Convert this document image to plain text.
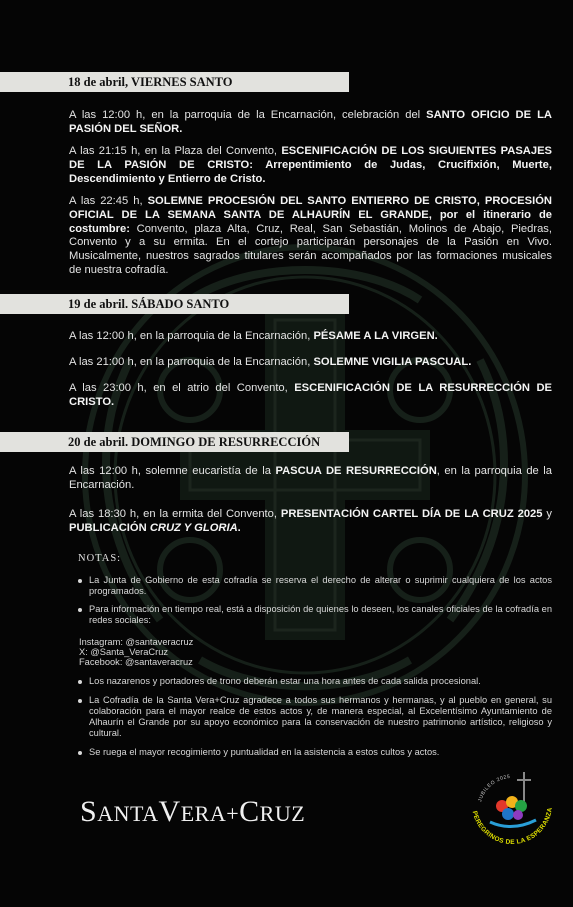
18 de abril, VIERNES SANTO
A las 12:00 h, en la parroquia de la Encarnación, celebración del SANTO OFICIO DE LA PASIÓN DEL SEÑOR.
A las 21:15 h, en la Plaza del Convento, ESCENIFICACIÓN DE LOS SIGUIENTES PASAJES DE LA PASIÓN DE CRISTO: Arrepentimiento de Judas, Crucifixión, Muerte, Descendimiento y Entierro de Cristo.
A las 22:45 h, SOLEMNE PROCESIÓN DEL SANTO ENTIERRO DE CRISTO, PROCESIÓN OFICIAL DE LA SEMANA SANTA DE ALHAURÍN EL GRANDE, por el itinerario de costumbre: Convento, plaza Alta, Cruz, Real, San Sebastián, Molinos de Abajo, Piedras, Convento y a su ermita. En el cortejo participarán personajes de la Pasión en Vivo. Musicalmente, nuestros sagrados titulares serán acompañados por las formaciones musicales de nuestra cofradía.
19 de abril. SÁBADO SANTO
A las 12:00 h, en la parroquia de la Encarnación, PÉSAME A LA VIRGEN.
A las 21:00 h, en la parroquia de la Encarnación, SOLEMNE VIGILIA PASCUAL.
A las 23:00 h, en el atrio del Convento, ESCENIFICACIÓN DE LA RESURRECCIÓN DE CRISTO.
20 de abril. DOMINGO DE RESURRECCIÓN
A las 12:00 h, solemne eucaristía de la PASCUA DE RESURRECCIÓN, en la parroquia de la Encarnación.
A las 18:30 h, en la ermita del Convento, PRESENTACIÓN CARTEL DÍA DE LA CRUZ 2025 y PUBLICACIÓN CRUZ Y GLORIA.
NOTAS:
La Junta de Gobierno de esta cofradía se reserva el derecho de alterar o suprimir cualquiera de los actos programados.
Para información en tiempo real, está a disposición de quienes lo deseen, los canales oficiales de la cofradía en redes sociales:
Instagram: @santaveracruz
X: @Santa_VeraCruz
Facebook: @santaveracruz
Los nazarenos y portadores de trono deberán estar una hora antes de cada salida procesional.
La Cofradía de la Santa Vera+Cruz agradece a todos sus hermanos y hermanas, y al pueblo en general, su colaboración para el mayor realce de estos actos y, de manera especial, al Excelentísimo Ayuntamiento de Alhaurín el Grande por su apoyo económico para la conservación de nuestro patrimonio artístico, religioso y cultural.
Se ruega el mayor recogimiento y puntualidad en la asistencia a estos cultos y actos.
SANTAVERA+CRUZ
JUBILEO 2025
PEREGRINOS DE LA ESPERANZA
